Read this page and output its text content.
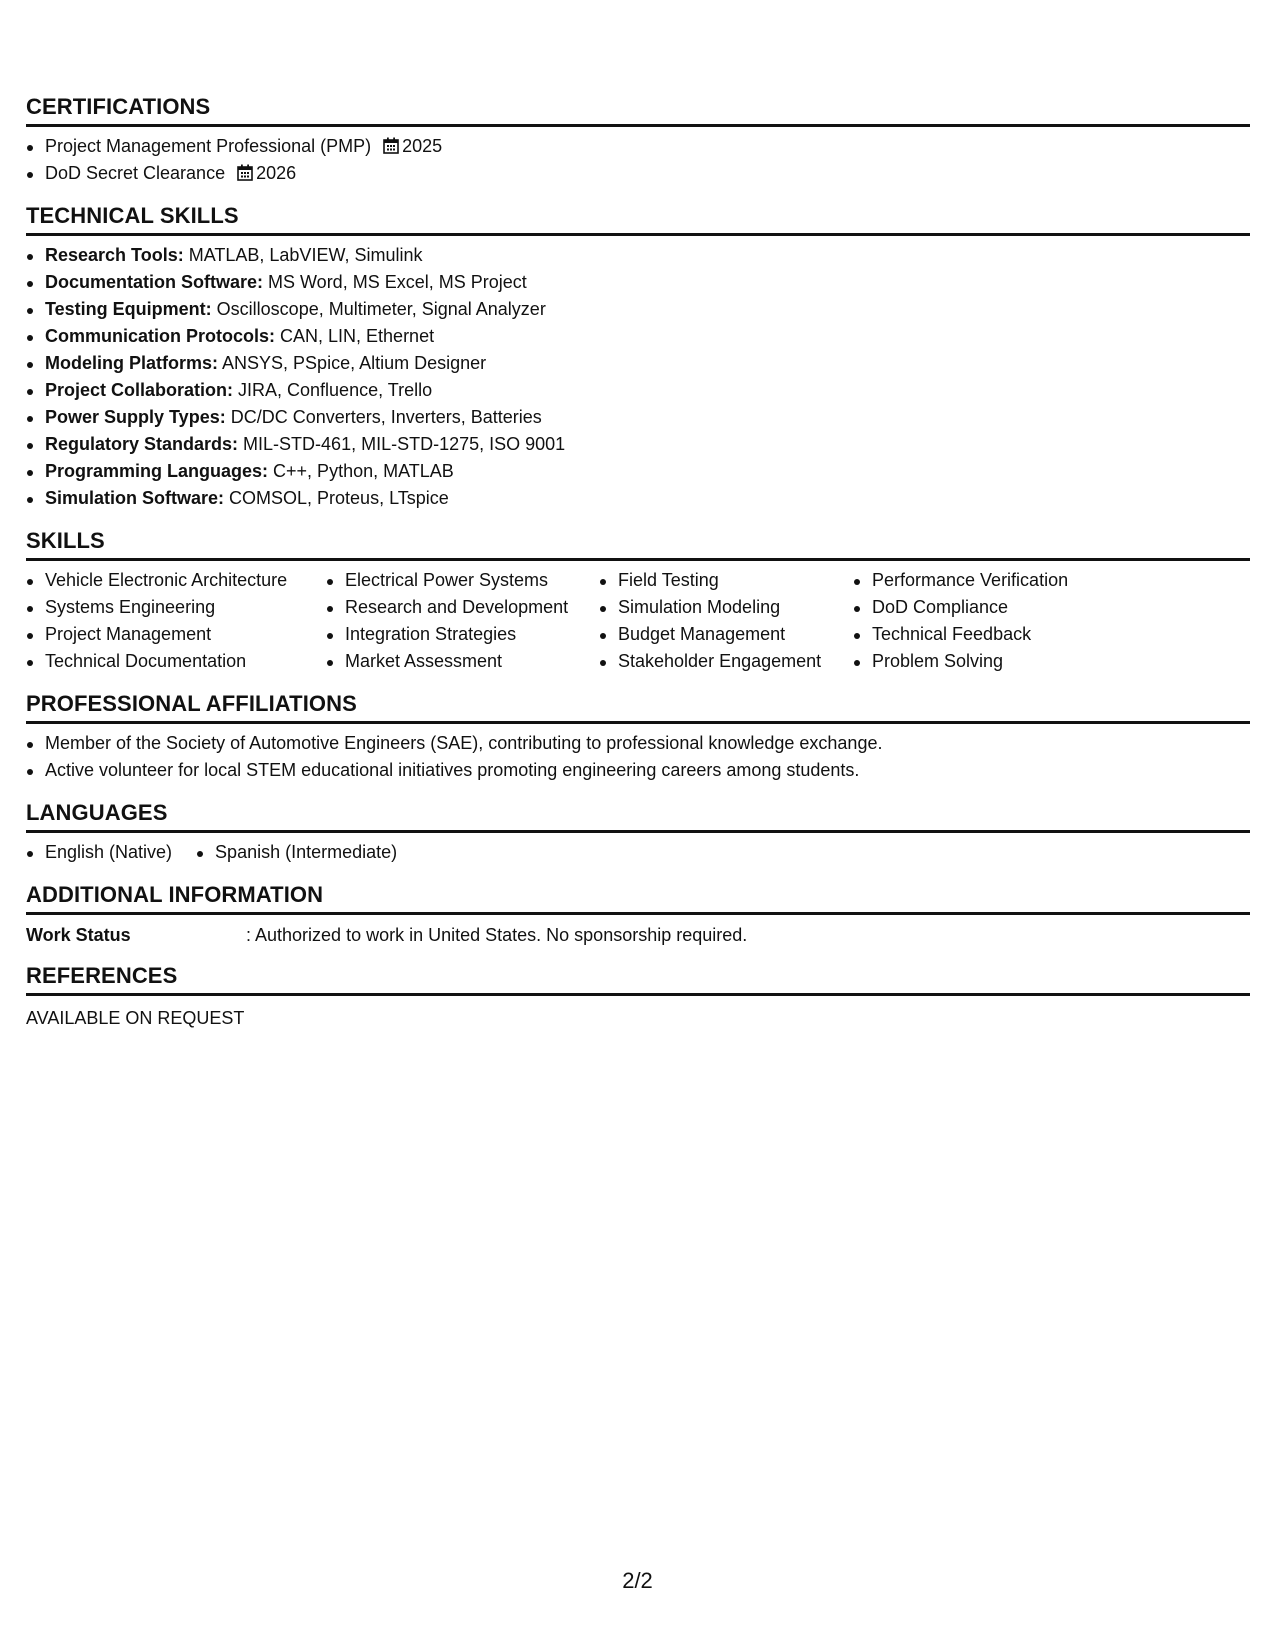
CERTIFICATIONS
Project Management Professional (PMP) 2025
DoD Secret Clearance 2026
TECHNICAL SKILLS
Research Tools: MATLAB, LabVIEW, Simulink
Documentation Software: MS Word, MS Excel, MS Project
Testing Equipment: Oscilloscope, Multimeter, Signal Analyzer
Communication Protocols: CAN, LIN, Ethernet
Modeling Platforms: ANSYS, PSpice, Altium Designer
Project Collaboration: JIRA, Confluence, Trello
Power Supply Types: DC/DC Converters, Inverters, Batteries
Regulatory Standards: MIL-STD-461, MIL-STD-1275, ISO 9001
Programming Languages: C++, Python, MATLAB
Simulation Software: COMSOL, Proteus, LTspice
SKILLS
Vehicle Electronic Architecture
Systems Engineering
Project Management
Technical Documentation
Electrical Power Systems
Research and Development
Integration Strategies
Market Assessment
Field Testing
Simulation Modeling
Budget Management
Stakeholder Engagement
Performance Verification
DoD Compliance
Technical Feedback
Problem Solving
PROFESSIONAL AFFILIATIONS
Member of the Society of Automotive Engineers (SAE), contributing to professional knowledge exchange.
Active volunteer for local STEM educational initiatives promoting engineering careers among students.
LANGUAGES
English (Native)	Spanish (Intermediate)
ADDITIONAL INFORMATION
Work Status	: Authorized to work in United States. No sponsorship required.
REFERENCES
AVAILABLE ON REQUEST
2/2
